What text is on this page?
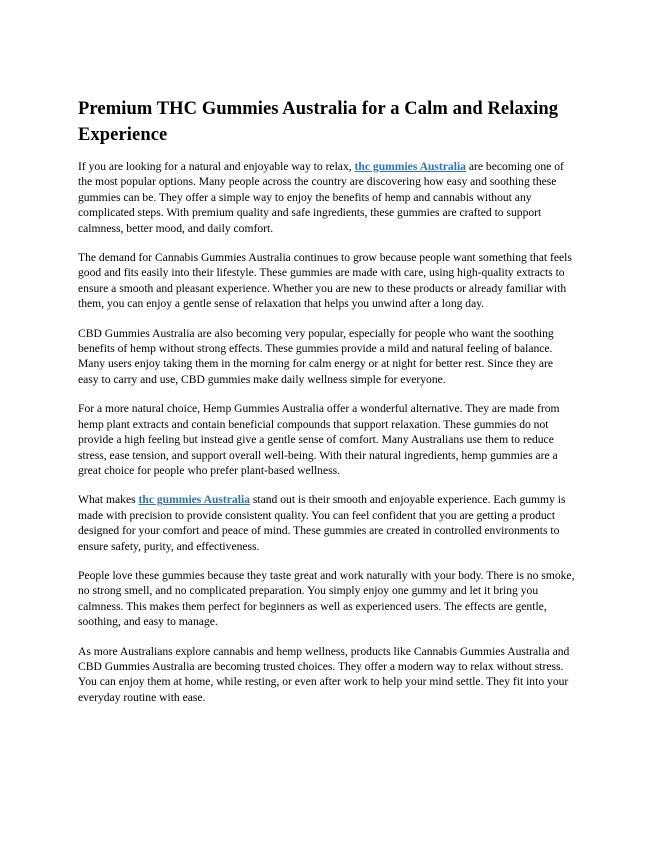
Premium THC Gummies Australia for a Calm and Relaxing Experience

If you are looking for a natural and enjoyable way to relax, thc gummies Australia are becoming one of the most popular options. Many people across the country are discovering how easy and soothing these gummies can be. They offer a simple way to enjoy the benefits of hemp and cannabis without any complicated steps. With premium quality and safe ingredients, these gummies are crafted to support calmness, better mood, and daily comfort.

The demand for Cannabis Gummies Australia continues to grow because people want something that feels good and fits easily into their lifestyle. These gummies are made with care, using high-quality extracts to ensure a smooth and pleasant experience. Whether you are new to these products or already familiar with them, you can enjoy a gentle sense of relaxation that helps you unwind after a long day.

CBD Gummies Australia are also becoming very popular, especially for people who want the soothing benefits of hemp without strong effects. These gummies provide a mild and natural feeling of balance. Many users enjoy taking them in the morning for calm energy or at night for better rest. Since they are easy to carry and use, CBD gummies make daily wellness simple for everyone.

For a more natural choice, Hemp Gummies Australia offer a wonderful alternative. They are made from hemp plant extracts and contain beneficial compounds that support relaxation. These gummies do not provide a high feeling but instead give a gentle sense of comfort. Many Australians use them to reduce stress, ease tension, and support overall well-being. With their natural ingredients, hemp gummies are a great choice for people who prefer plant-based wellness.

What makes thc gummies Australia stand out is their smooth and enjoyable experience. Each gummy is made with precision to provide consistent quality. You can feel confident that you are getting a product designed for your comfort and peace of mind. These gummies are created in controlled environments to ensure safety, purity, and effectiveness.

People love these gummies because they taste great and work naturally with your body. There is no smoke, no strong smell, and no complicated preparation. You simply enjoy one gummy and let it bring you calmness. This makes them perfect for beginners as well as experienced users. The effects are gentle, soothing, and easy to manage.

As more Australians explore cannabis and hemp wellness, products like Cannabis Gummies Australia and CBD Gummies Australia are becoming trusted choices. They offer a modern way to relax without stress. You can enjoy them at home, while resting, or even after work to help your mind settle. They fit into your everyday routine with ease.
